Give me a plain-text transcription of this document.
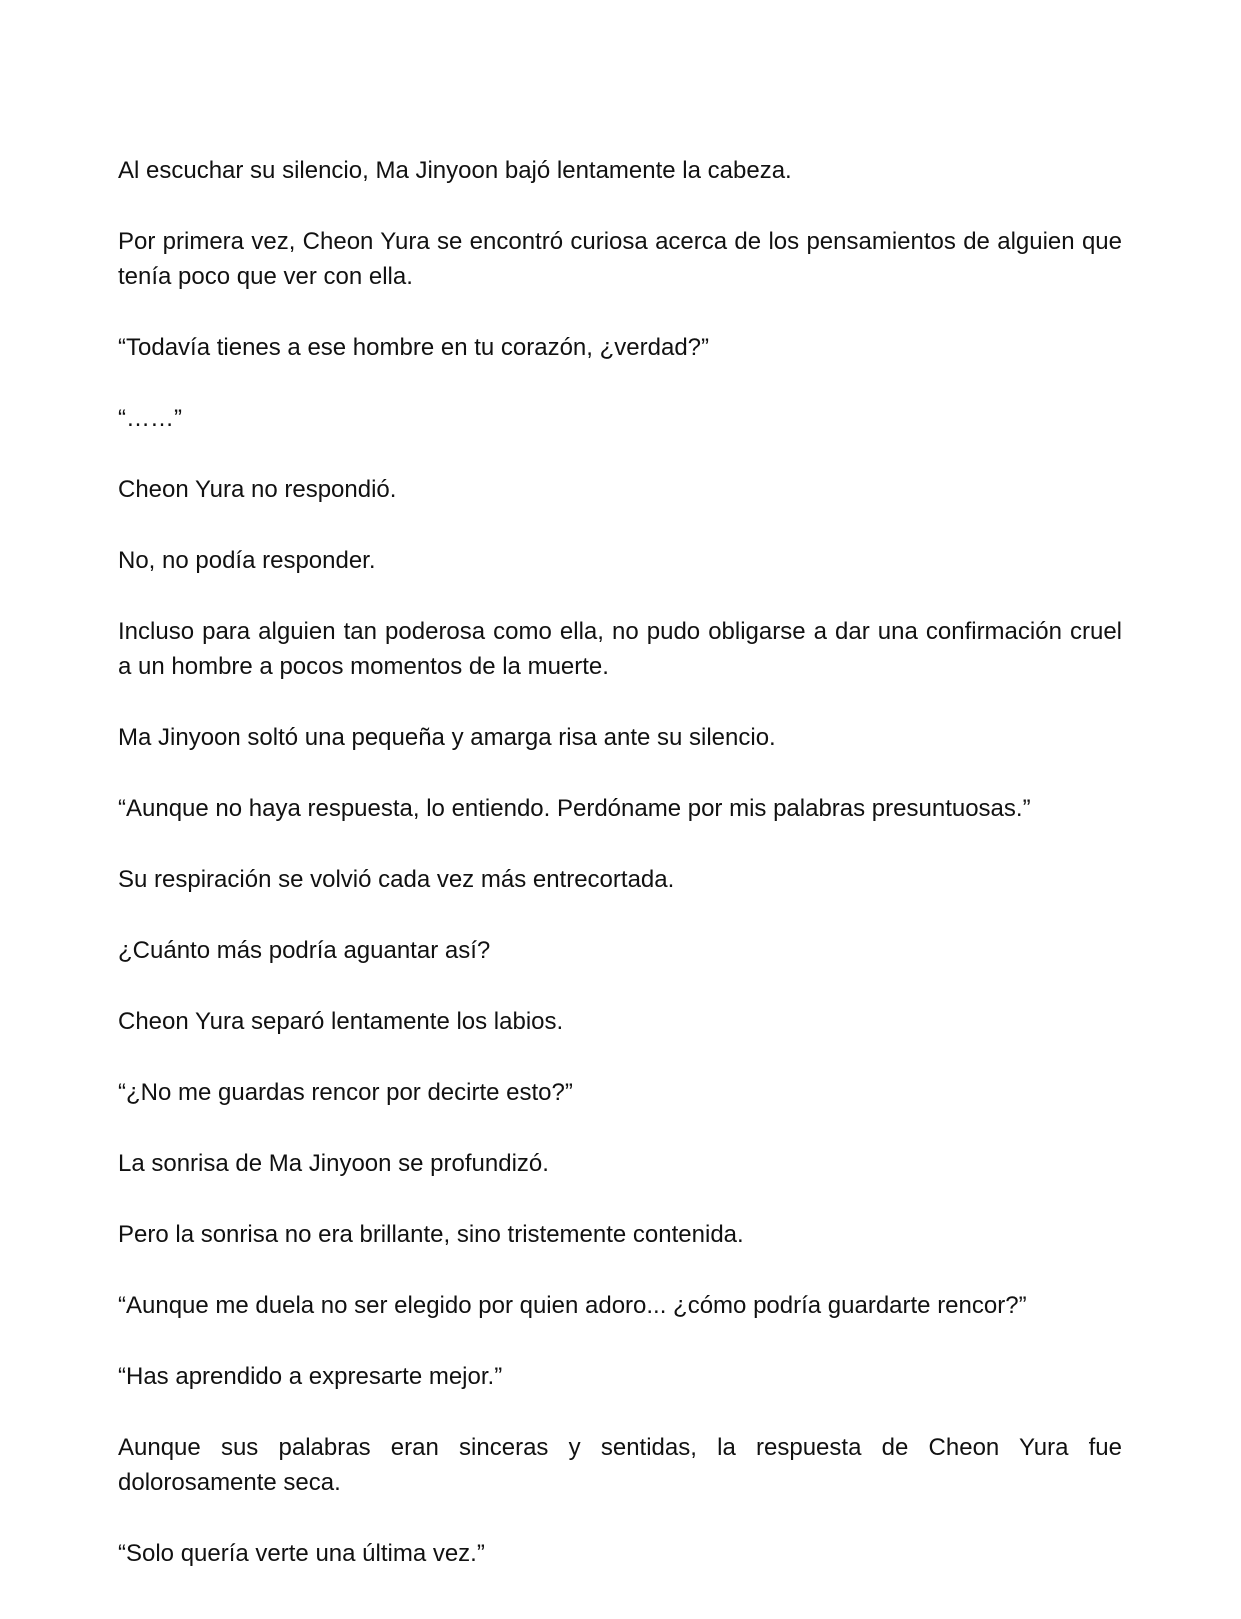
Al escuchar su silencio, Ma Jinyoon bajó lentamente la cabeza.

Por primera vez, Cheon Yura se encontró curiosa acerca de los pensamientos de alguien que tenía poco que ver con ella.

“Todavía tienes a ese hombre en tu corazón, ¿verdad?”

“……”

Cheon Yura no respondió.

No, no podía responder.

Incluso para alguien tan poderosa como ella, no pudo obligarse a dar una confirmación cruel a un hombre a pocos momentos de la muerte.

Ma Jinyoon soltó una pequeña y amarga risa ante su silencio.

“Aunque no haya respuesta, lo entiendo. Perdóname por mis palabras presuntuosas.”

Su respiración se volvió cada vez más entrecortada.

¿Cuánto más podría aguantar así?

Cheon Yura separó lentamente los labios.

“¿No me guardas rencor por decirte esto?”

La sonrisa de Ma Jinyoon se profundizó.

Pero la sonrisa no era brillante, sino tristemente contenida.

“Aunque me duela no ser elegido por quien adoro... ¿cómo podría guardarte rencor?”

“Has aprendido a expresarte mejor.”

Aunque sus palabras eran sinceras y sentidas, la respuesta de Cheon Yura fue dolorosamente seca.

“Solo quería verte una última vez.”
